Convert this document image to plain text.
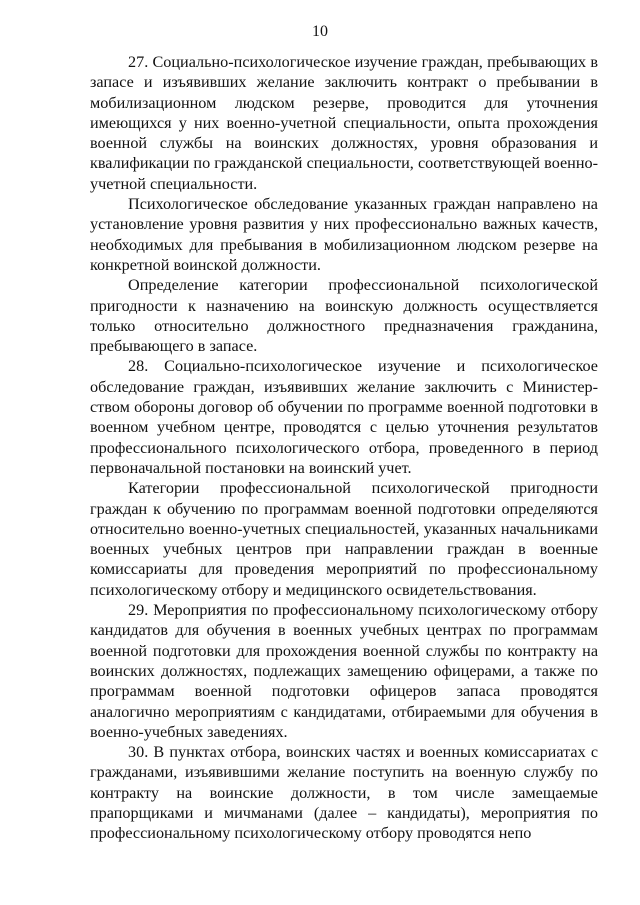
10

27. Социально-психологическое изучение граждан, пребывающих в запасе и изъявивших желание заключить контракт о пребывании в мобилизационном людском резерве, проводится для уточнения имеющихся у них военно-учетной специальности, опыта прохождения военной службы на воинских должностях, уровня образования и квалификации по гражданской специальности, соответствующей военно-учетной специальности.

Психологическое обследование указанных граждан направлено на установление уровня развития у них профессионально важных качеств, необходимых для пребывания в мобилизационном людском резерве на конкретной воинской должности.

Определение категории профессиональной психологической пригодности к назначению на воинскую должность осуществляется только относительно должностного предназначения гражданина, пребывающего в запасе.

28. Социально-психологическое изучение и психологическое обследование граждан, изъявивших желание заключить с Министерством обороны договор об обучении по программе военной подготовки в военном учебном центре, проводятся с целью уточнения результатов профессионального психологического отбора, проведенного в период первоначальной постановки на воинский учет.

Категории профессиональной психологической пригодности граждан к обучению по программам военной подготовки определяются относительно военно-учетных специальностей, указанных начальниками военных учебных центров при направлении граждан в военные комиссариаты для проведения мероприятий по профессиональному психологическому отбору и медицинского освидетельствования.

29. Мероприятия по профессиональному психологическому отбору кандидатов для обучения в военных учебных центрах по программам военной подготовки для прохождения военной службы по контракту на воинских должностях, подлежащих замещению офицерами, а также по программам военной подготовки офицеров запаса проводятся аналогично мероприятиям с кандидатами, отбираемыми для обучения в военно-учебных заведениях.

30. В пунктах отбора, воинских частях и военных комиссариатах с гражданами, изъявившими желание поступить на военную службу по контракту на воинские должности, в том числе замещаемые прапорщиками и мичманами (далее – кандидаты), мероприятия по профессиональному психологическому отбору проводятся непо
